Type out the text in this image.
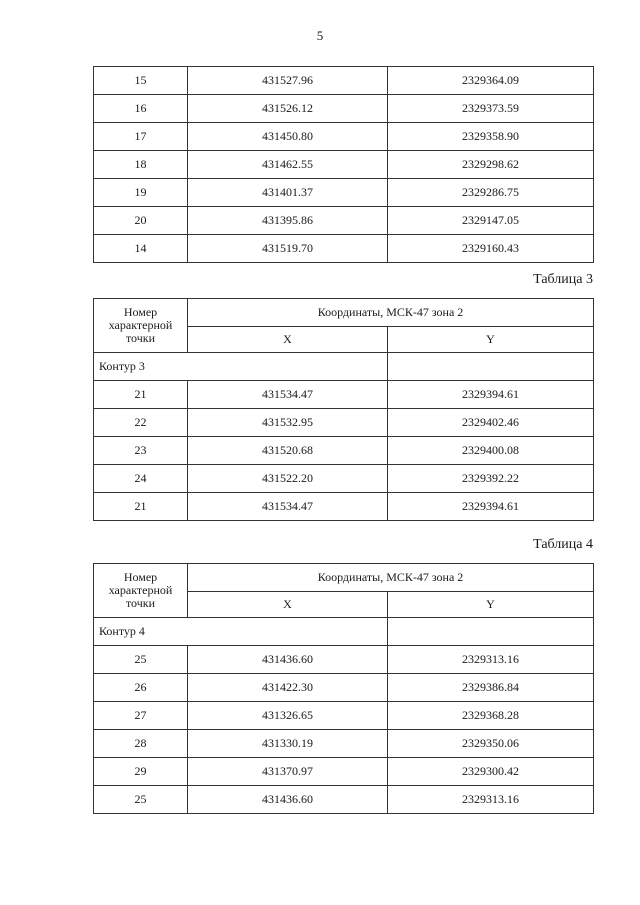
5
15	431527.96	2329364.09
16	431526.12	2329373.59
17	431450.80	2329358.90
18	431462.55	2329298.62
19	431401.37	2329286.75
20	431395.86	2329147.05
14	431519.70	2329160.43
Таблица 3
Номер
характерной
точки	Координаты, МСК-47 зона 2	
	X	Y
Контур 3		
21	431534.47	2329394.61
22	431532.95	2329402.46
23	431520.68	2329400.08
24	431522.20	2329392.22
21	431534.47	2329394.61
Таблица 4
Номер
характерной
точки	Координаты, МСК-47 зона 2	
	X	Y
Контур 4		
25	431436.60	2329313.16
26	431422.30	2329386.84
27	431326.65	2329368.28
28	431330.19	2329350.06
29	431370.97	2329300.42
25	431436.60	2329313.16
